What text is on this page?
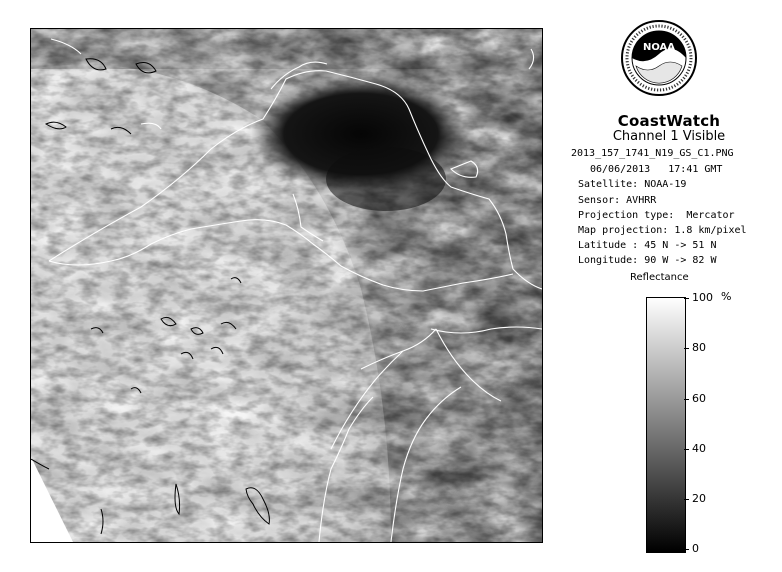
NOAA
CoastWatch
Channel 1 Visible
2013_157_1741_N19_GS_C1.PNG
06/06/2013   17:41 GMT
Satellite: NOAA-19
Sensor: AVHRR
Projection type:  Mercator
Map projection: 1.8 km/pixel
Latitude : 45 N -> 51 N
Longitude: 90 W -> 82 W
Reflectance
%
100
80
60
40
20
0
